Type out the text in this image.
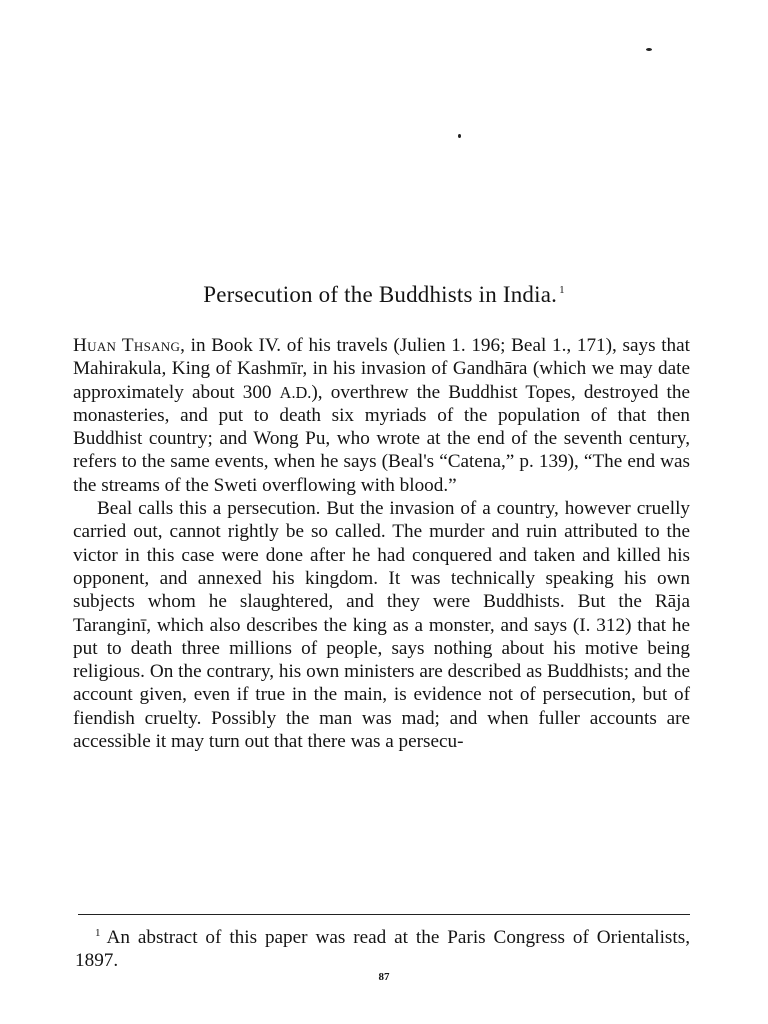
Persecution of the Buddhists in India. $^1$

Huan Thsang, in Book IV. of his travels (Julien 1. 196; Beal 1., 171), says that Mahirakula, King of Kashmīr, in his invasion of Gandhāra (which we may date approximately about 300 A.D.), overthrew the Buddhist Topes, destroyed the monasteries, and put to death six myriads of the population of that then Buddhist country; and Wong Pu, who wrote at the end of the seventh century, refers to the same events, when he says (Beal's “Catena,” p. 139), “The end was the streams of the Sweti overflowing with blood.”

Beal calls this a persecution. But the invasion of a country, however cruelly carried out, cannot rightly be so called. The murder and ruin attributed to the victor in this case were done after he had conquered and taken and killed his opponent, and annexed his kingdom. It was technically speaking his own subjects whom he slaughtered, and they were Buddhists. But the Rāja Taranginī, which also describes the king as a monster, and says (I. 312) that he put to death three millions of people, says nothing about his motive being religious. On the contrary, his own ministers are described as Buddhists; and the account given, even if true in the main, is evidence not of persecution, but of fiendish cruelty. Possibly the man was mad; and when fuller accounts are accessible it may turn out that there was a persecu-

$^1$ An abstract of this paper was read at the Paris Congress of Orientalists, 1897.
87
